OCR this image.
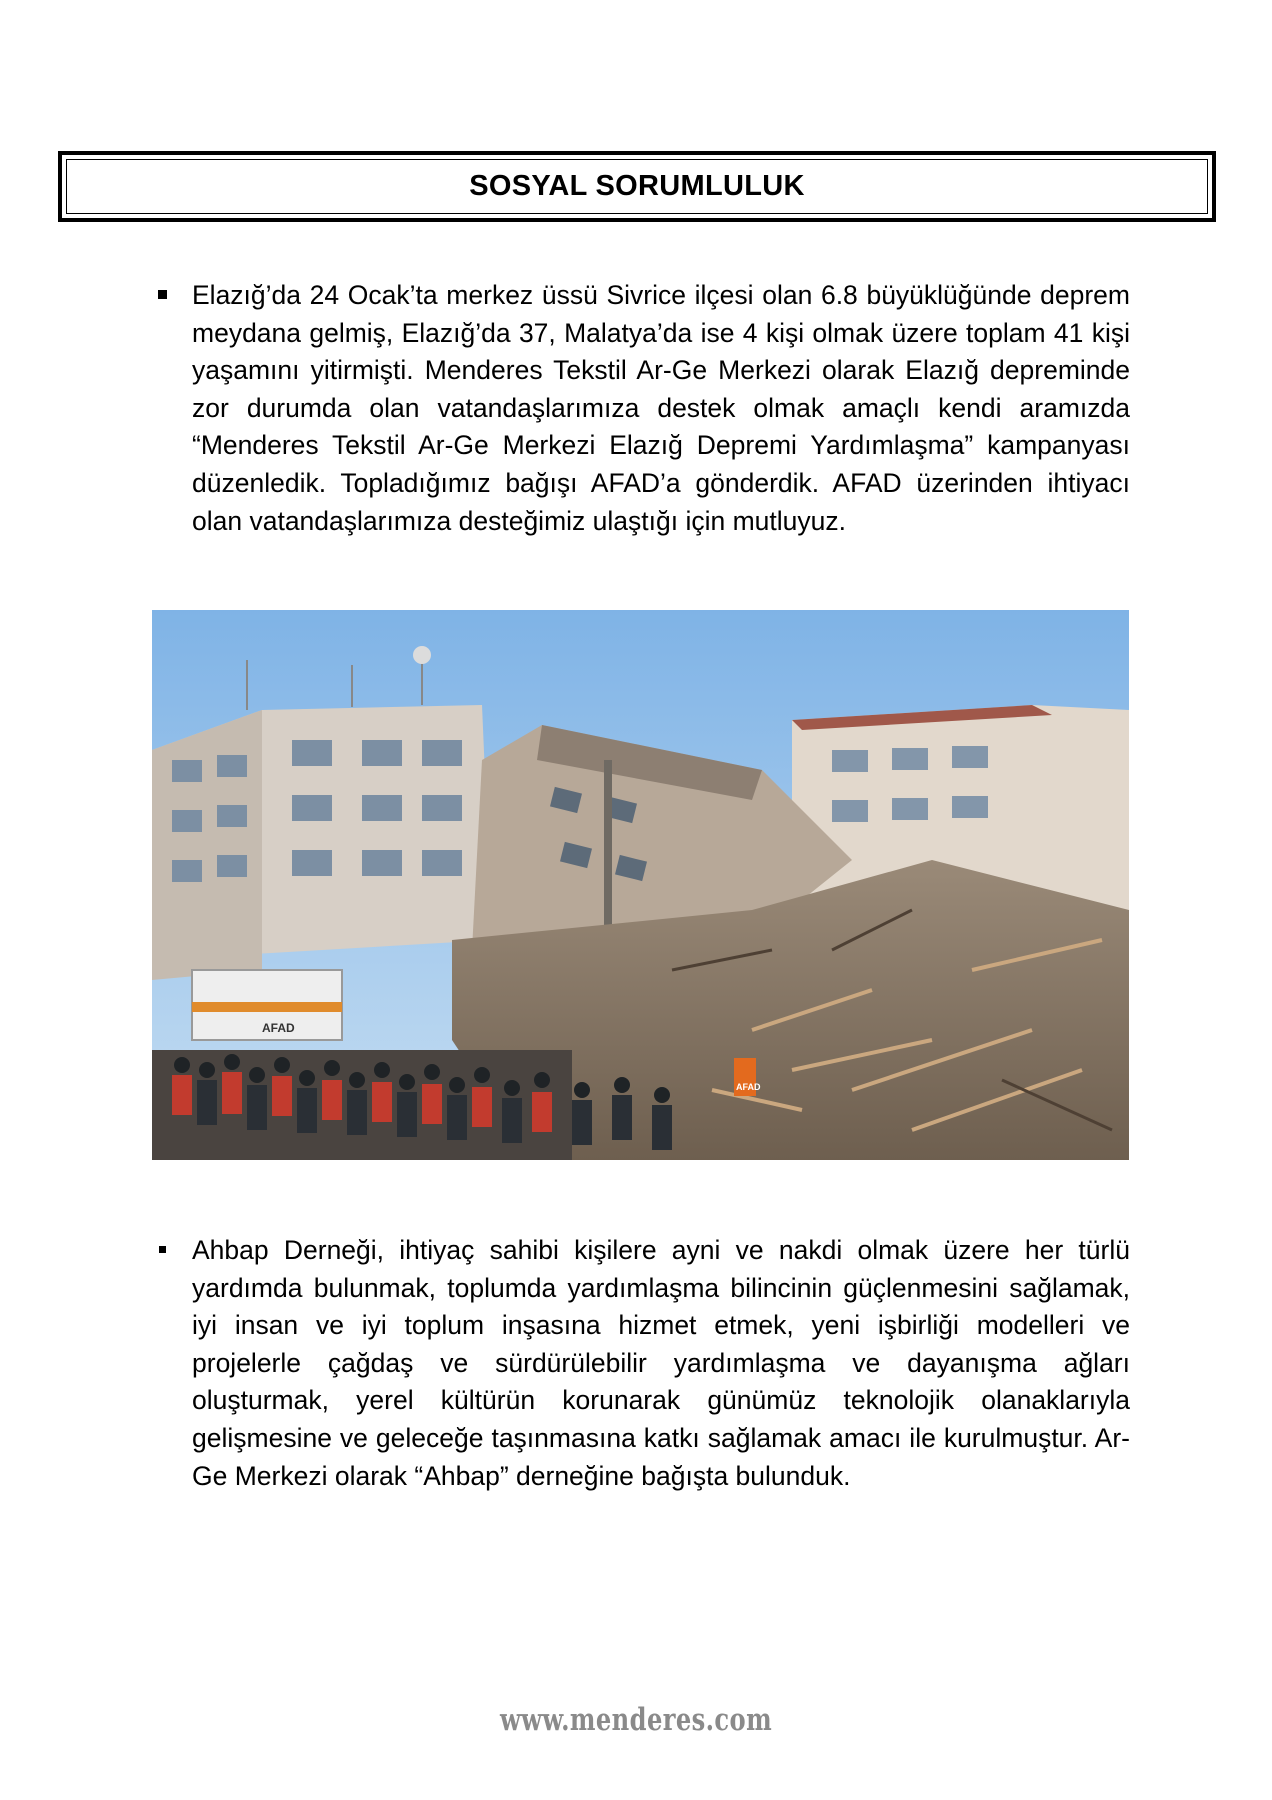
SOSYAL SORUMLULUK
Elazığ’da 24 Ocak’ta merkez üssü Sivrice ilçesi olan 6.8 büyüklüğünde deprem meydana gelmiş, Elazığ’da 37, Malatya’da ise 4 kişi olmak üzere toplam 41 kişi yaşamını yitirmişti. Menderes Tekstil Ar-Ge Merkezi olarak Elazığ depreminde zor durumda olan vatandaşlarımıza destek olmak amaçlı kendi aramızda “Menderes Tekstil Ar-Ge Merkezi Elazığ Depremi Yardımlaşma” kampanyası düzenledik. Topladığımız bağışı AFAD’a gönderdik. AFAD üzerinden ihtiyacı olan vatandaşlarımıza desteğimiz ulaştığı için mutluyuz.
AFAD
AFAD
Ahbap Derneği, ihtiyaç sahibi kişilere ayni ve nakdi olmak üzere her türlü yardımda bulunmak, toplumda yardımlaşma bilincinin güçlenmesini sağlamak, iyi insan ve iyi toplum inşasına hizmet etmek, yeni işbirliği modelleri ve projelerle çağdaş ve sürdürülebilir yardımlaşma ve dayanışma ağları oluşturmak, yerel kültürün korunarak günümüz teknolojik olanaklarıyla gelişmesine ve geleceğe taşınmasına katkı sağlamak amacı ile kurulmuştur. Ar-Ge Merkezi olarak “Ahbap” derneğine bağışta bulunduk.
www.menderes.com
